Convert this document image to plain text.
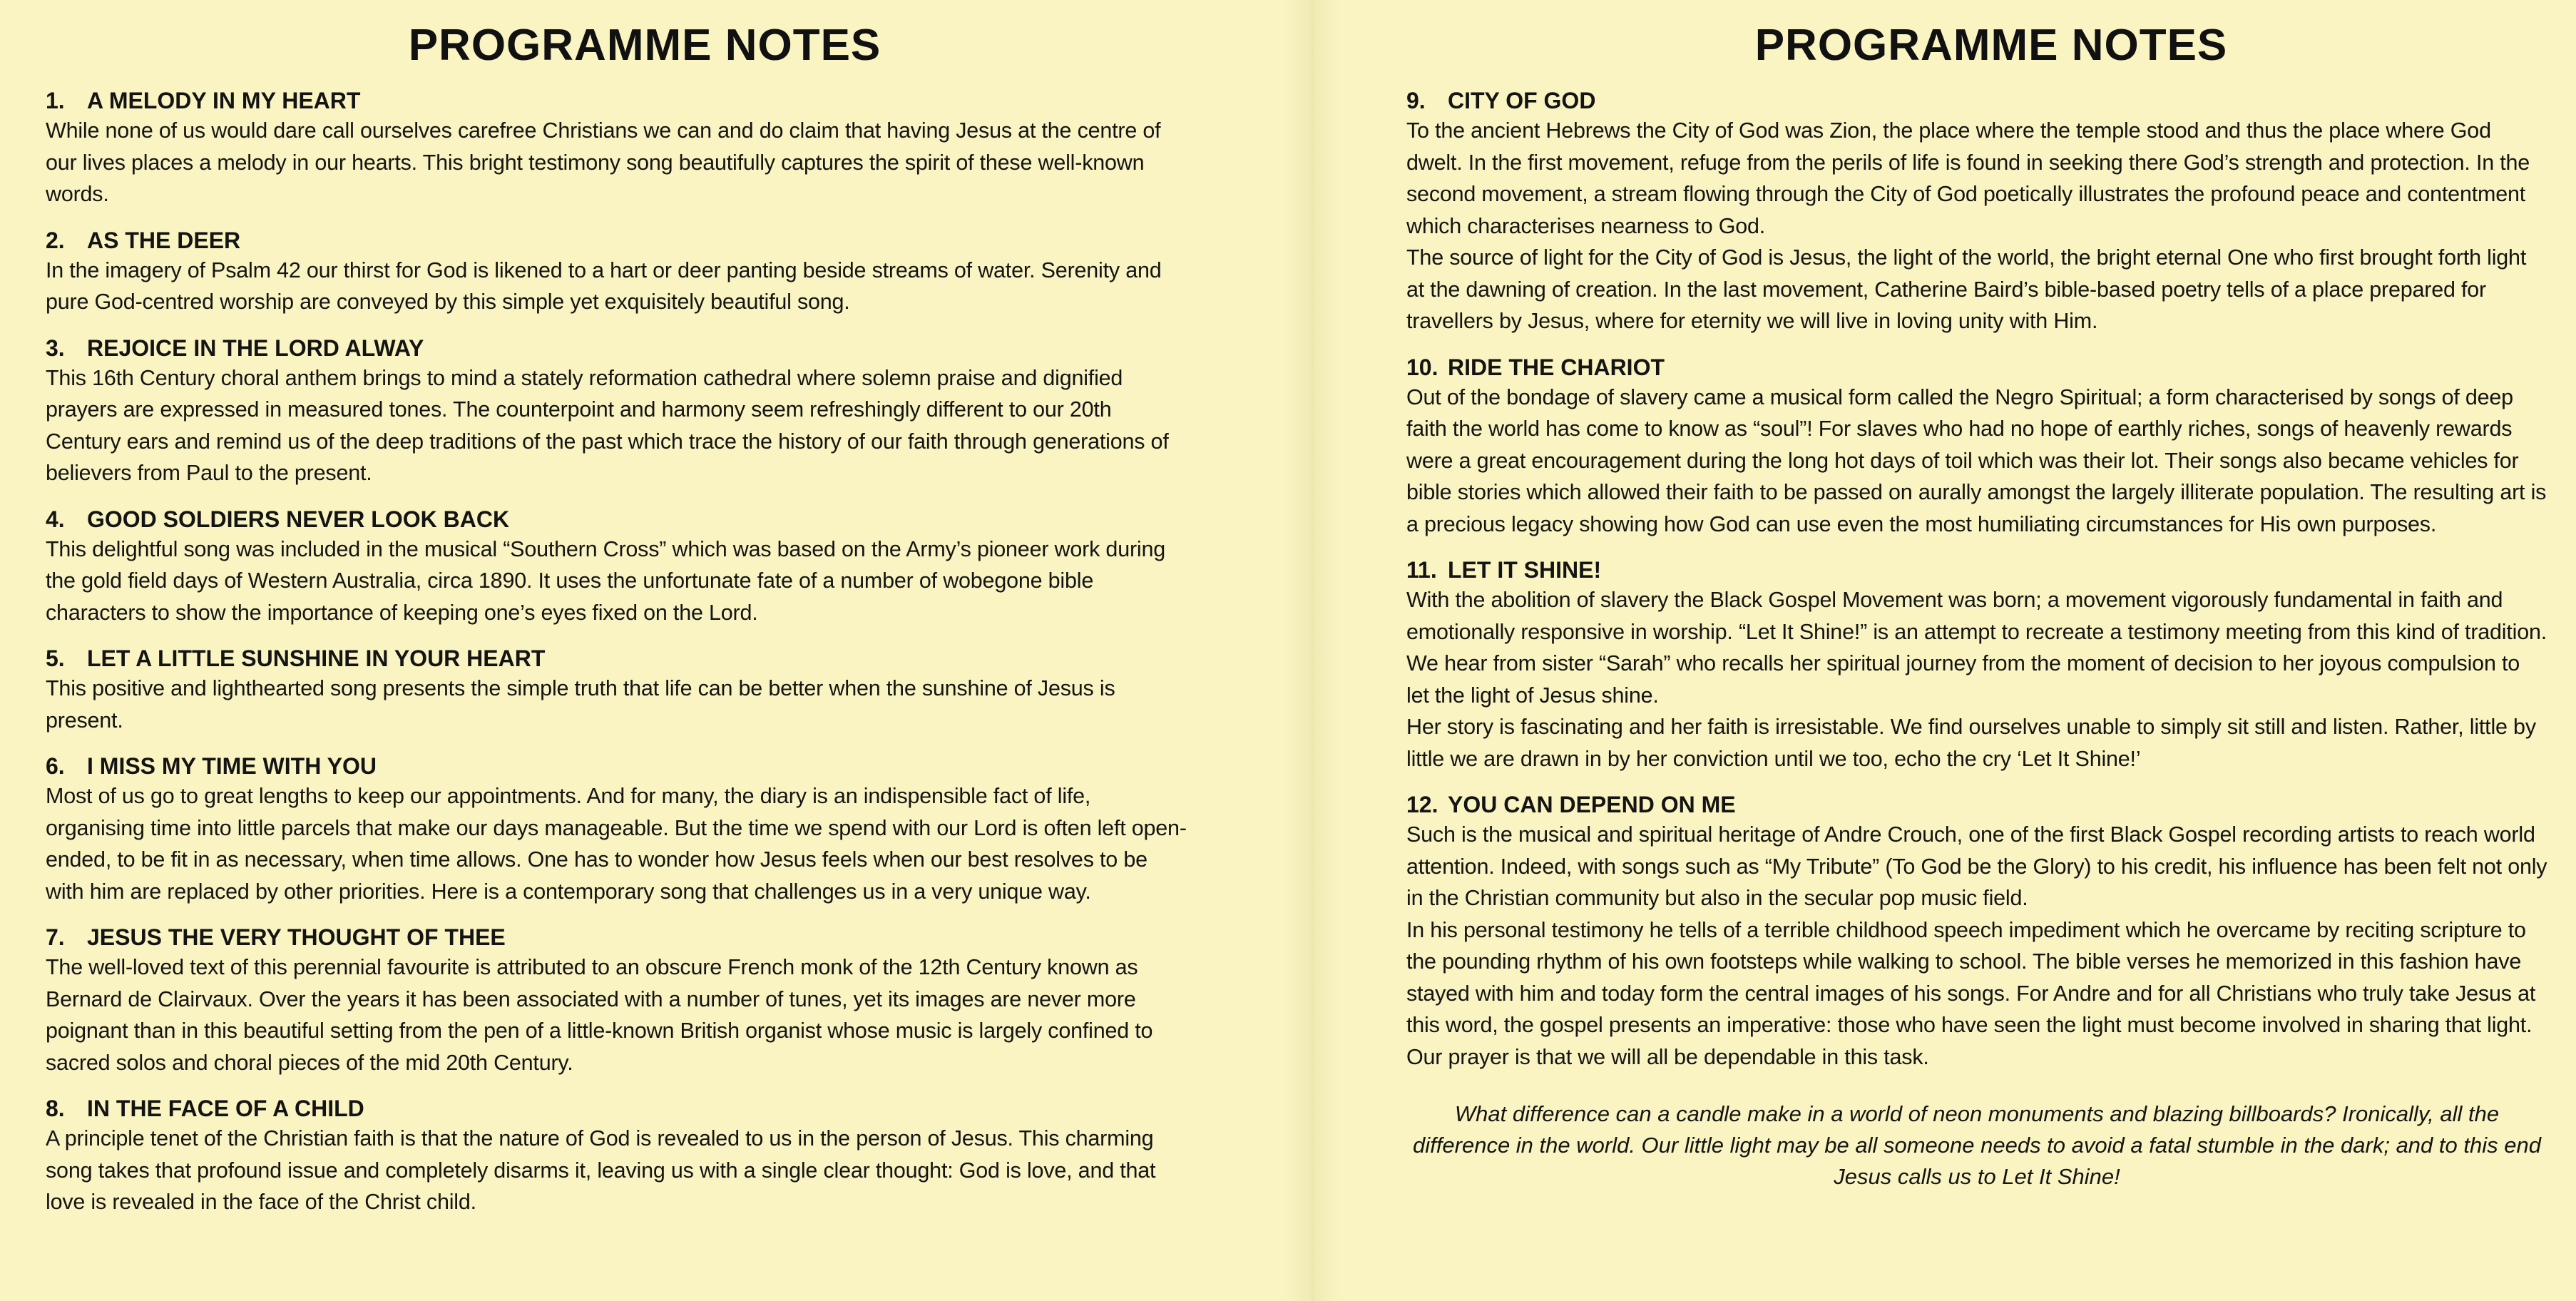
PROGRAMME NOTES

1. A MELODY IN MY HEART

While none of us would dare call ourselves carefree Christians we can and do claim that having Jesus at the centre of our lives places a melody in our hearts. This bright testimony song beautifully captures the spirit of these well-known words.

2. AS THE DEER

In the imagery of Psalm 42 our thirst for God is likened to a hart or deer panting beside streams of water. Serenity and pure God-centred worship are conveyed by this simple yet exquisitely beautiful song.

3. REJOICE IN THE LORD ALWAY

This 16th Century choral anthem brings to mind a stately reformation cathedral where solemn praise and dignified prayers are expressed in measured tones. The counterpoint and harmony seem refreshingly different to our 20th Century ears and remind us of the deep traditions of the past which trace the history of our faith through generations of believers from Paul to the present.

4. GOOD SOLDIERS NEVER LOOK BACK

This delightful song was included in the musical “Southern Cross” which was based on the Army’s pioneer work during the gold field days of Western Australia, circa 1890. It uses the unfortunate fate of a number of wobegone bible characters to show the importance of keeping one’s eyes fixed on the Lord.

5. LET A LITTLE SUNSHINE IN YOUR HEART

This positive and lighthearted song presents the simple truth that life can be better when the sunshine of Jesus is present.

6. I MISS MY TIME WITH YOU

Most of us go to great lengths to keep our appointments. And for many, the diary is an indispensible fact of life, organising time into little parcels that make our days manageable. But the time we spend with our Lord is often left open-ended, to be fit in as necessary, when time allows. One has to wonder how Jesus feels when our best resolves to be with him are replaced by other priorities. Here is a contemporary song that challenges us in a very unique way.

7. JESUS THE VERY THOUGHT OF THEE

The well-loved text of this perennial favourite is attributed to an obscure French monk of the 12th Century known as Bernard de Clairvaux. Over the years it has been associated with a number of tunes, yet its images are never more poignant than in this beautiful setting from the pen of a little-known British organist whose music is largely confined to sacred solos and choral pieces of the mid 20th Century.

8. IN THE FACE OF A CHILD

A principle tenet of the Christian faith is that the nature of God is revealed to us in the person of Jesus. This charming song takes that profound issue and completely disarms it, leaving us with a single clear thought: God is love, and that love is revealed in the face of the Christ child.

PROGRAMME NOTES

9. CITY OF GOD

To the ancient Hebrews the City of God was Zion, the place where the temple stood and thus the place where God dwelt. In the first movement, refuge from the perils of life is found in seeking there God’s strength and protection. In the second movement, a stream flowing through the City of God poetically illustrates the profound peace and contentment which characterises nearness to God.

The source of light for the City of God is Jesus, the light of the world, the bright eternal One who first brought forth light at the dawning of creation. In the last movement, Catherine Baird’s bible-based poetry tells of a place prepared for travellers by Jesus, where for eternity we will live in loving unity with Him.

10. RIDE THE CHARIOT

Out of the bondage of slavery came a musical form called the Negro Spiritual; a form characterised by songs of deep faith the world has come to know as “soul”! For slaves who had no hope of earthly riches, songs of heavenly rewards were a great encouragement during the long hot days of toil which was their lot. Their songs also became vehicles for bible stories which allowed their faith to be passed on aurally amongst the largely illiterate population. The resulting art is a precious legacy showing how God can use even the most humiliating circumstances for His own purposes.

11. LET IT SHINE!

With the abolition of slavery the Black Gospel Movement was born; a movement vigorously fundamental in faith and emotionally responsive in worship. “Let It Shine!” is an attempt to recreate a testimony meeting from this kind of tradition. We hear from sister “Sarah” who recalls her spiritual journey from the moment of decision to her joyous compulsion to let the light of Jesus shine.

Her story is fascinating and her faith is irresistable. We find ourselves unable to simply sit still and listen. Rather, little by little we are drawn in by her conviction until we too, echo the cry ‘Let It Shine!’

12. YOU CAN DEPEND ON ME

Such is the musical and spiritual heritage of Andre Crouch, one of the first Black Gospel recording artists to reach world attention. Indeed, with songs such as “My Tribute” (To God be the Glory) to his credit, his influence has been felt not only in the Christian community but also in the secular pop music field.

In his personal testimony he tells of a terrible childhood speech impediment which he overcame by reciting scripture to the pounding rhythm of his own footsteps while walking to school. The bible verses he memorized in this fashion have stayed with him and today form the central images of his songs. For Andre and for all Christians who truly take Jesus at this word, the gospel presents an imperative: those who have seen the light must become involved in sharing that light. Our prayer is that we will all be dependable in this task.

What difference can a candle make in a world of neon monuments and blazing billboards? Ironically, all the difference in the world. Our little light may be all someone needs to avoid a fatal stumble in the dark; and to this end Jesus calls us to Let It Shine!
